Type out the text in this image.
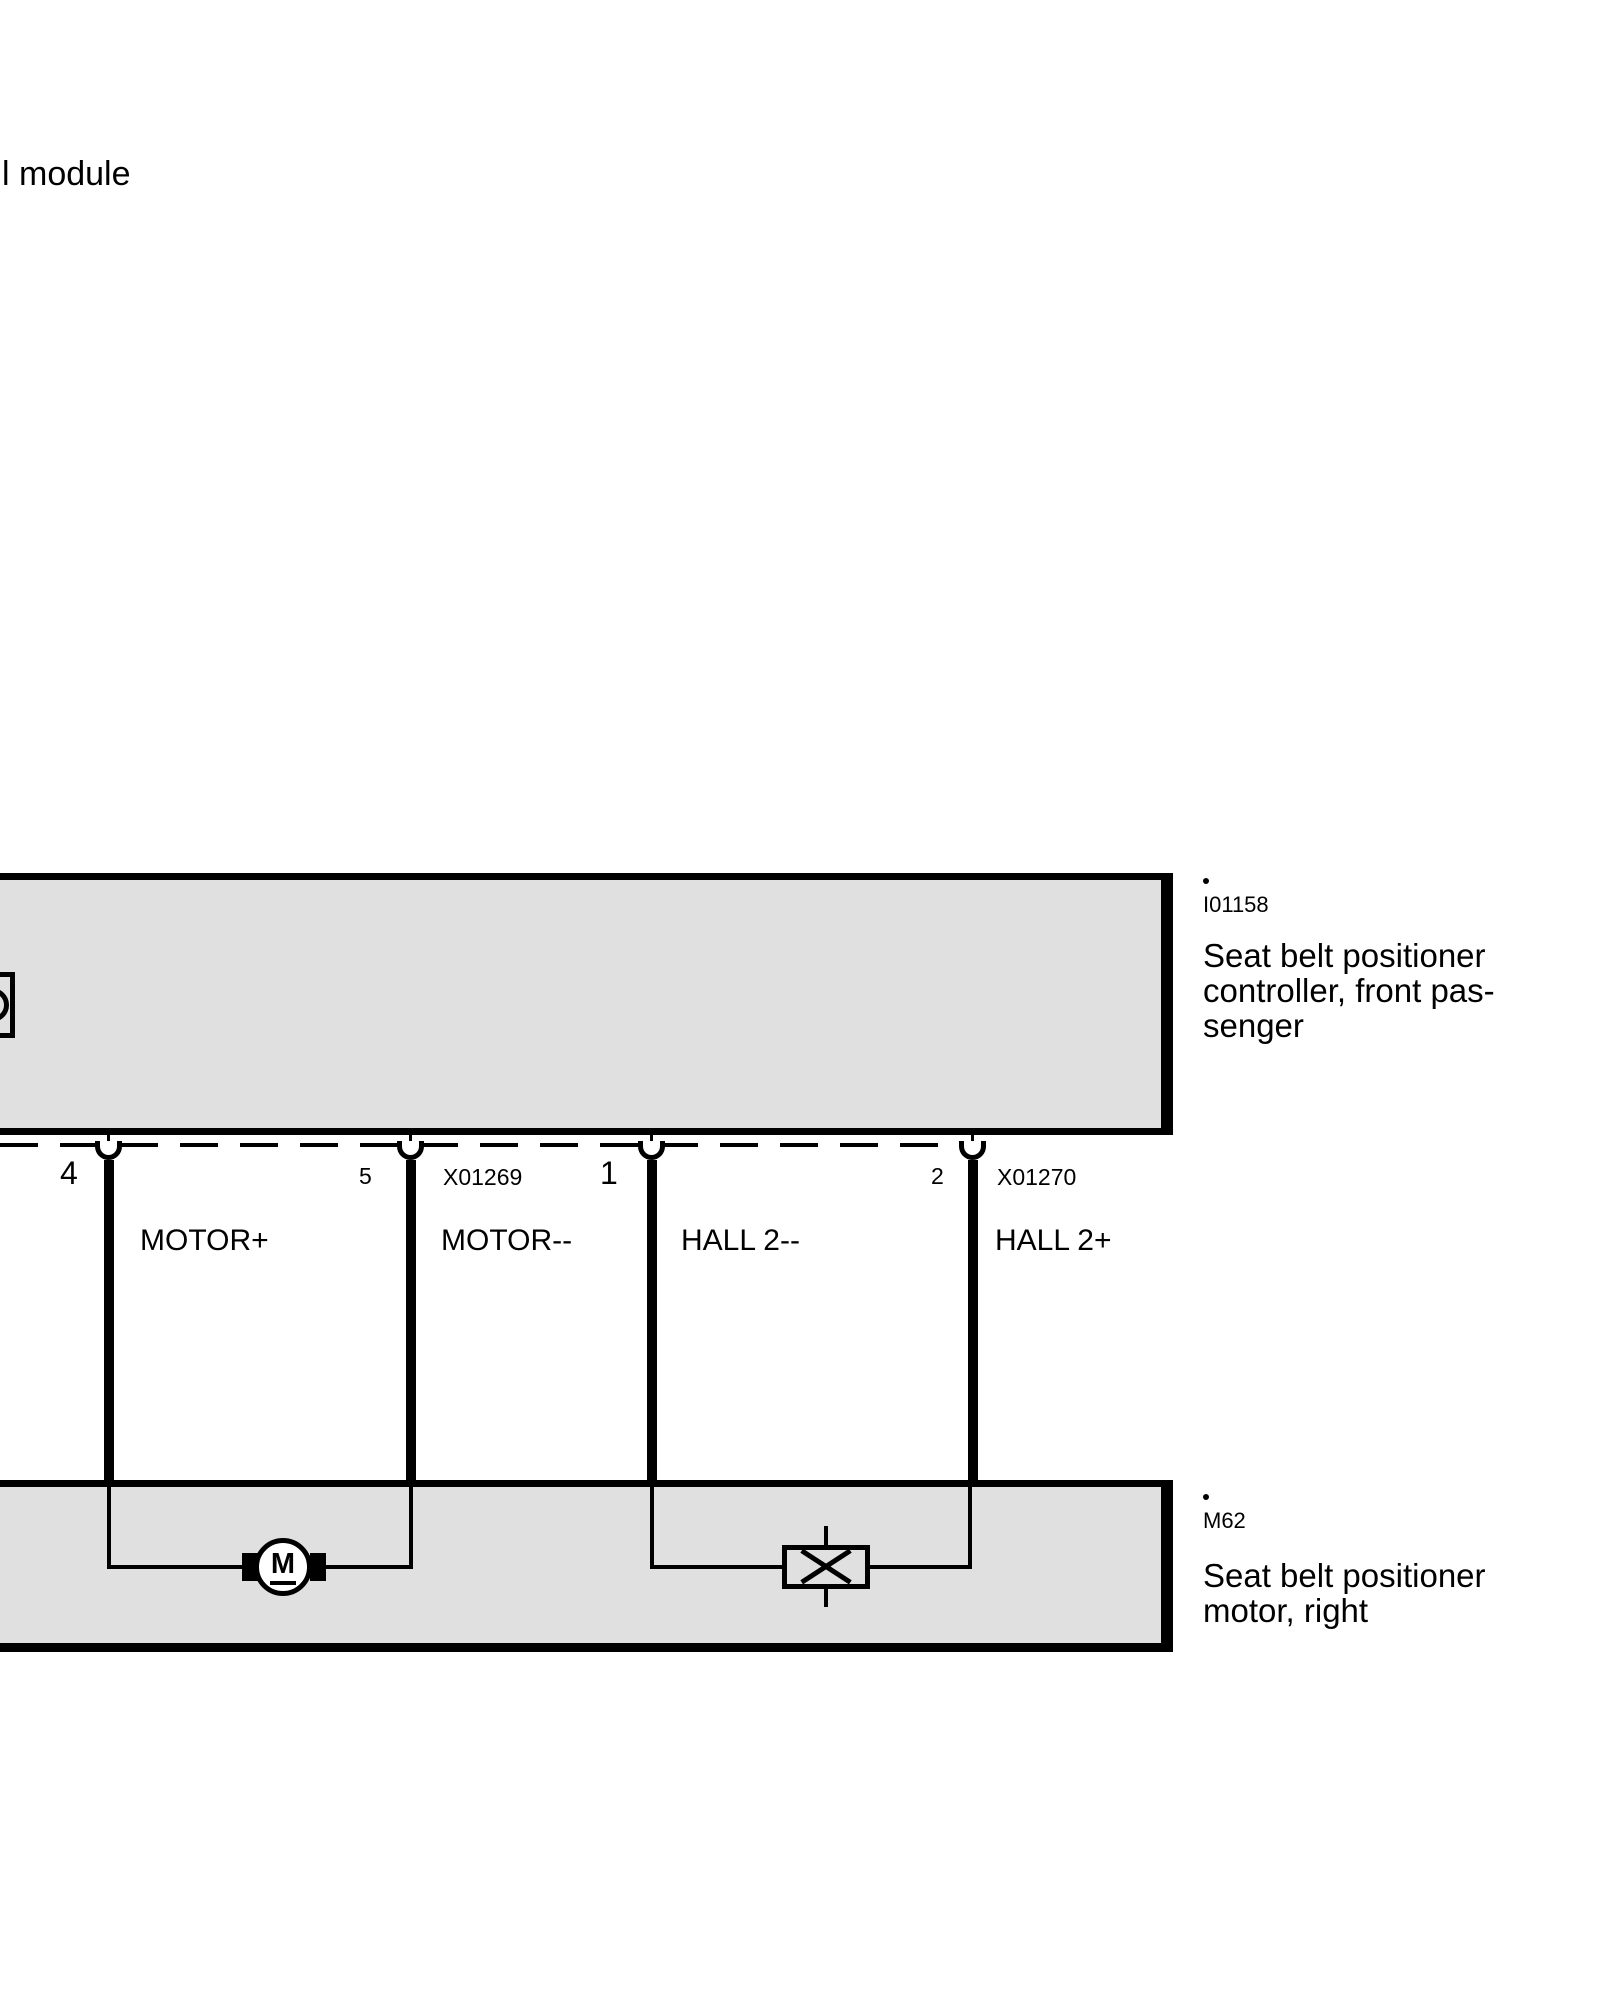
l module
4	5	1	2
X01269	X01270
MOTOR+	MOTOR--	HALL 2--	HALL 2+
M
I01158
Seat belt positioner
controller, front pas-
senger
M62
Seat belt positioner
motor, right
